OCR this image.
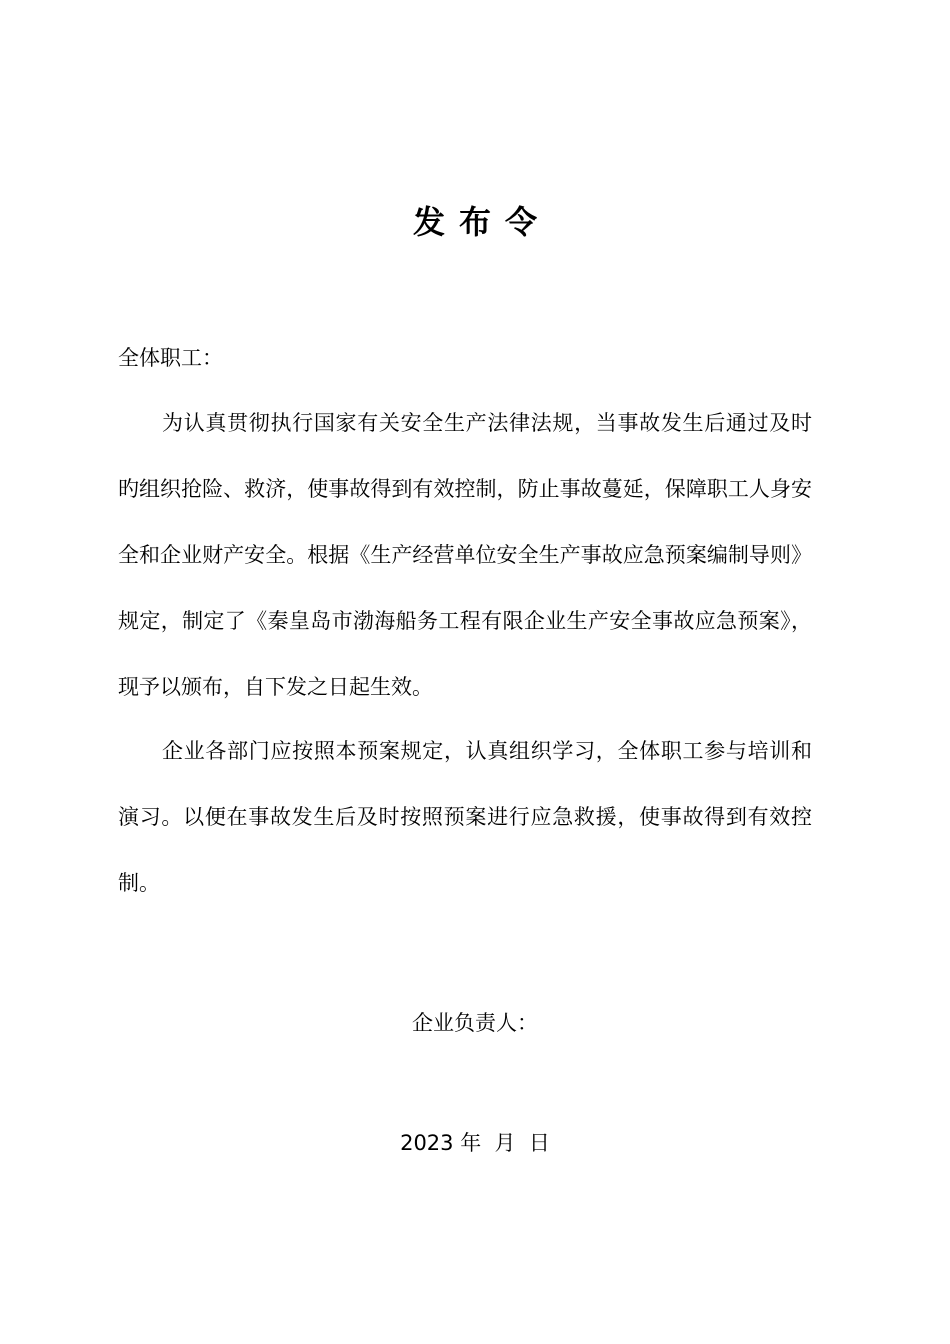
发布令
全体职工：

为认真贯彻执行国家有关安全生产法律法规，当事故发生后通过及时旳组织抢险、救济，使事故得到有效控制，防止事故蔓延，保障职工人身安全和企业财产安全。根据《生产经营单位安全生产事故应急预案编制导则》规定，制定了《秦皇岛市渤海船务工程有限企业生产安全事故应急预案》，现予以颁布，自下发之日起生效。

企业各部门应按照本预案规定，认真组织学习，全体职工参与培训和演习。以便在事故发生后及时按照预案进行应急救援，使事故得到有效控制。

企业负责人：
2023 年  月  日
